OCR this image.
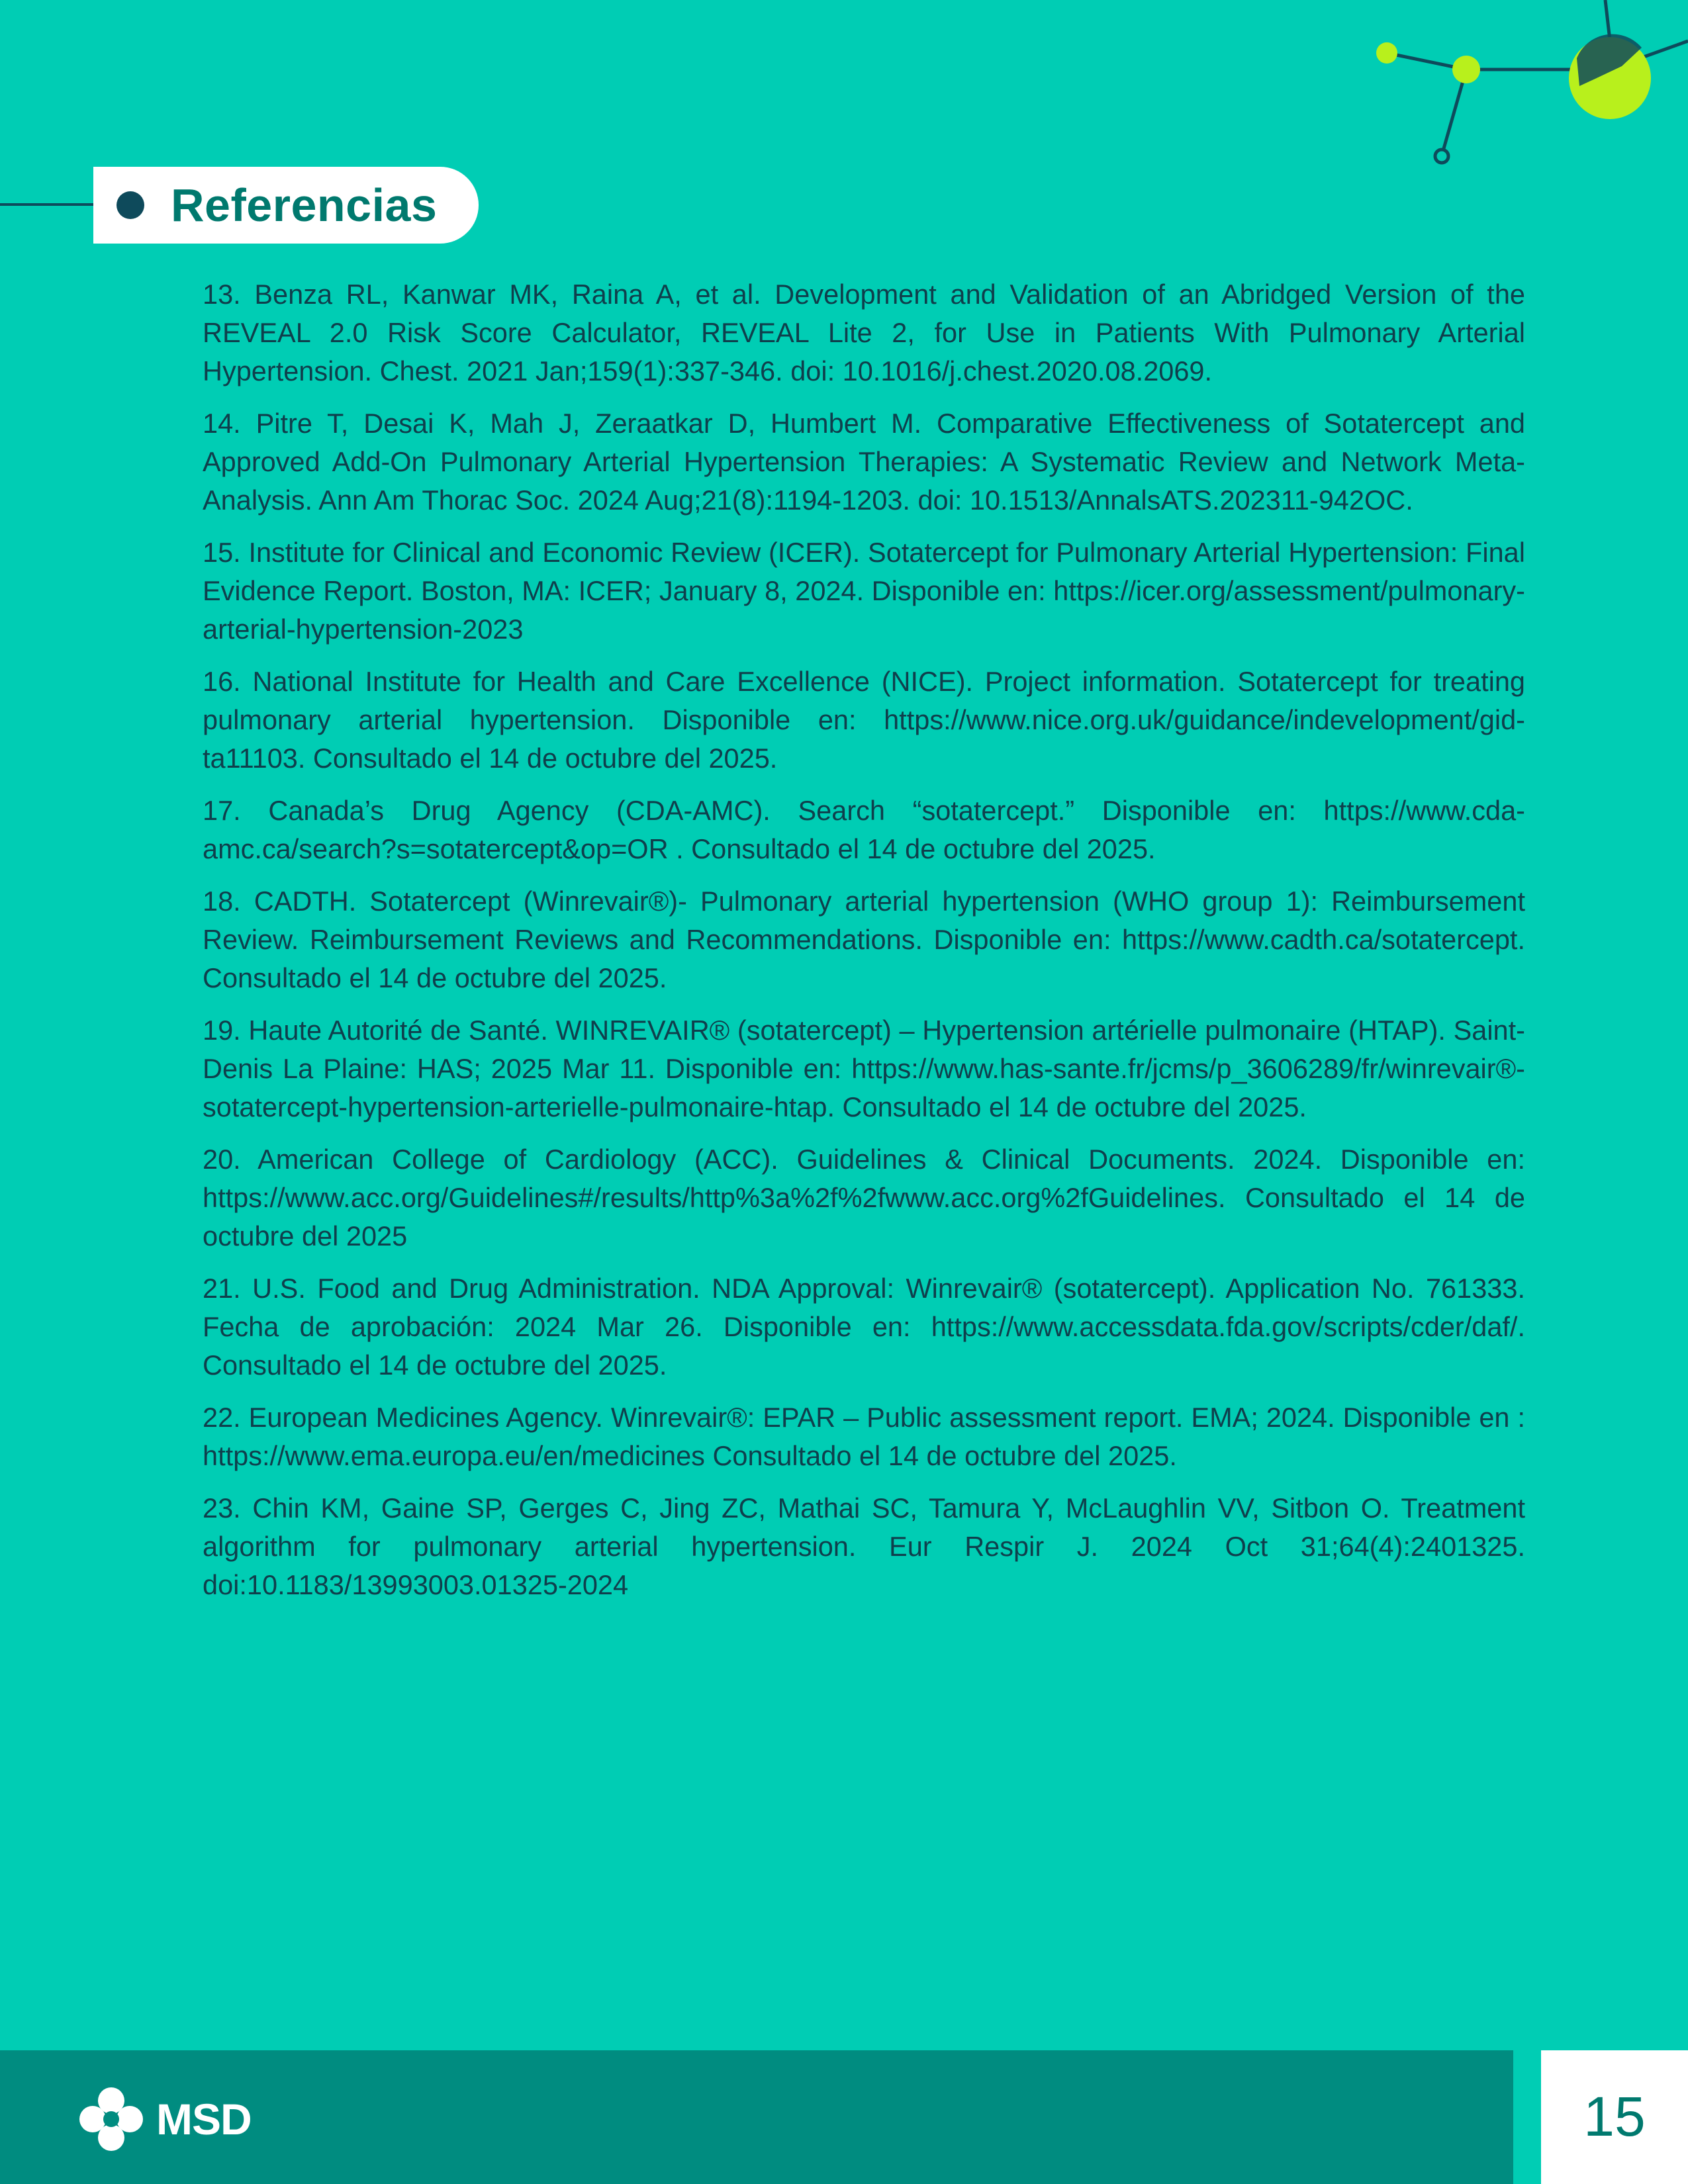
Referencias
13. Benza RL, Kanwar MK, Raina A, et al. Development and Validation of an Abridged Version of the REVEAL 2.0 Risk Score Calculator, REVEAL Lite 2, for Use in Patients With Pulmonary Arterial Hypertension. Chest. 2021 Jan;159(1):337-346. doi: 10.1016/j.chest.2020.08.2069.
14. Pitre T, Desai K, Mah J, Zeraatkar D, Humbert M. Comparative Effectiveness of Sotatercept and Approved Add-On Pulmonary Arterial Hypertension Therapies: A Systematic Review and Network Meta-Analysis. Ann Am Thorac Soc. 2024 Aug;21(8):1194-1203. doi: 10.1513/AnnalsATS.202311-942OC.
15. Institute for Clinical and Economic Review (ICER). Sotatercept for Pulmonary Arterial Hypertension: Final Evidence Report. Boston, MA: ICER; January 8, 2024. Disponible en: https://icer.org/assessment/pulmonary-arterial-hypertension-2023
16. National Institute for Health and Care Excellence (NICE). Project information. Sotatercept for treating pulmonary arterial hypertension. Disponible en: https://www.nice.org.uk/guidance/indevelopment/gid-ta11103. Consultado el 14 de octubre del 2025.
17. Canada’s Drug Agency (CDA-AMC). Search “sotatercept.” Disponible en: https://www.cda-amc.ca/search?s=sotatercept&op=OR . Consultado el 14 de octubre del 2025.
18. CADTH. Sotatercept (Winrevair®)- Pulmonary arterial hypertension (WHO group 1): Reimbursement Review. Reimbursement Reviews and Recommendations. Disponible en: https://www.cadth.ca/sotatercept. Consultado el 14 de octubre del 2025.
19. Haute Autorité de Santé. WINREVAIR® (sotatercept) – Hypertension artérielle pulmonaire (HTAP). Saint-Denis La Plaine: HAS; 2025 Mar 11. Disponible en: https://www.has-sante.fr/jcms/p_3606289/fr/winrevair®-sotatercept-hypertension-arterielle-pulmonaire-htap. Consultado el 14 de octubre del 2025.
20. American College of Cardiology (ACC). Guidelines & Clinical Documents. 2024. Disponible en: https://www.acc.org/Guidelines#/results/http%3a%2f%2fwww.acc.org%2fGuidelines. Consultado el 14 de octubre del 2025
21. U.S. Food and Drug Administration. NDA Approval: Winrevair® (sotatercept). Application No. 761333. Fecha de aprobación: 2024 Mar 26. Disponible en: https://www.accessdata.fda.gov/scripts/cder/daf/. Consultado el 14 de octubre del 2025.
22. European Medicines Agency. Winrevair®: EPAR – Public assessment report. EMA; 2024. Disponible en : https://www.ema.europa.eu/en/medicines Consultado el 14 de octubre del 2025.
23. Chin KM, Gaine SP, Gerges C, Jing ZC, Mathai SC, Tamura Y, McLaughlin VV, Sitbon O. Treatment algorithm for pulmonary arterial hypertension. Eur Respir J. 2024 Oct 31;64(4):2401325. doi:10.1183/13993003.01325-2024
MSD	15
